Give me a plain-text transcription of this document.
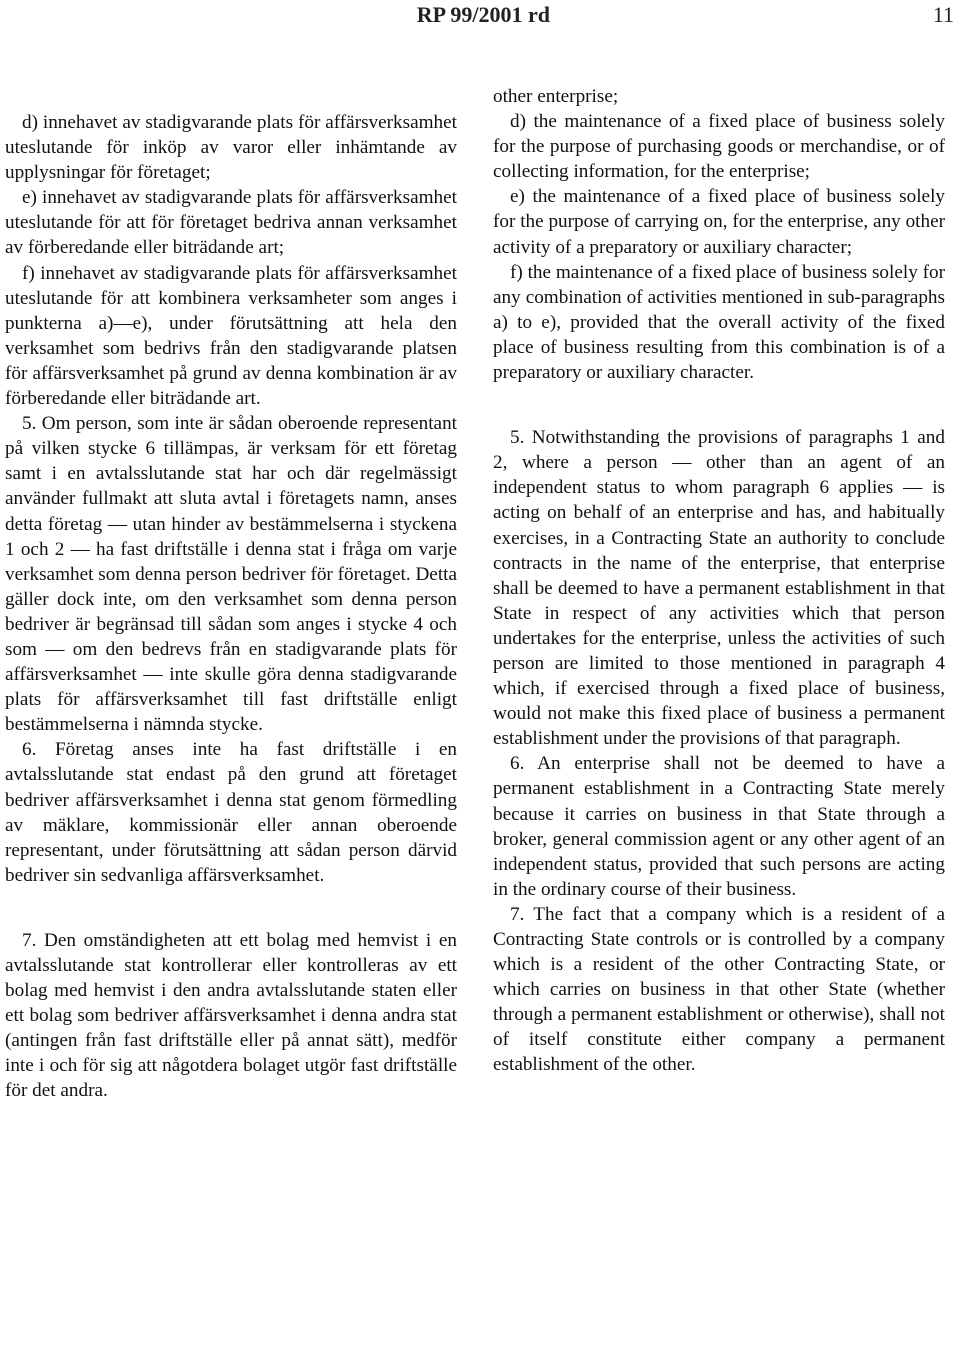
RP 99/2001 rd	11

d) innehavet av stadigvarande plats för affärsverksamhet uteslutande för inköp av varor eller inhämtande av upplysningar för företaget;

e) innehavet av stadigvarande plats för affärsverksamhet uteslutande för att för företaget bedriva annan verksamhet av förberedande eller biträdande art;

f) innehavet av stadigvarande plats för affärsverksamhet uteslutande för att kombinera verksamheter som anges i punkterna a)—e), under förutsättning att hela den verksamhet som bedrivs från den stadigvarande platsen för affärsverksamhet på grund av denna kombination är av förberedande eller biträdande art.

5. Om person, som inte är sådan oberoende representant på vilken stycke 6 tillämpas, är verksam för ett företag samt i en avtalsslutande stat har och där regelmässigt använder fullmakt att sluta avtal i företagets namn, anses detta företag — utan hinder av bestämmelserna i styckena 1 och 2 — ha fast driftställe i denna stat i fråga om varje verksamhet som denna person bedriver för företaget. Detta gäller dock inte, om den verksamhet som denna person bedriver är begränsad till sådan som anges i stycke 4 och som — om den bedrevs från en stadigvarande plats för affärsverksamhet — inte skulle göra denna stadigvarande plats för affärsverksamhet till fast driftställe enligt bestämmelserna i nämnda stycke.

6. Företag anses inte ha fast driftställe i en avtalsslutande stat endast på den grund att företaget bedriver affärsverksamhet i denna stat genom förmedling av mäklare, kommissionär eller annan oberoende representant, under förutsättning att sådan person därvid bedriver sin sedvanliga affärsverksamhet.

7. Den omständigheten att ett bolag med hemvist i en avtalsslutande stat kontrollerar eller kontrolleras av ett bolag med hemvist i den andra avtalsslutande staten eller ett bolag som bedriver affärsverksamhet i denna andra stat (antingen från fast driftställe eller på annat sätt), medför inte i och för sig att någotdera bolaget utgör fast driftställe för det andra.

other enterprise;

d) the maintenance of a fixed place of business solely for the purpose of purchasing goods or merchandise, or of collecting information, for the enterprise;

e) the maintenance of a fixed place of business solely for the purpose of carrying on, for the enterprise, any other activity of a preparatory or auxiliary character;

f) the maintenance of a fixed place of business solely for any combination of activities mentioned in sub-paragraphs a) to e), provided that the overall activity of the fixed place of business resulting from this combination is of a preparatory or auxiliary character.

5. Notwithstanding the provisions of paragraphs 1 and 2, where a person — other than an agent of an independent status to whom paragraph 6 applies — is acting on behalf of an enterprise and has, and habitually exercises, in a Contracting State an authority to conclude contracts in the name of the enterprise, that enterprise shall be deemed to have a permanent establishment in that State in respect of any activities which that person undertakes for the enterprise, unless the activities of such person are limited to those mentioned in paragraph 4 which, if exercised through a fixed place of business, would not make this fixed place of business a permanent establishment under the provisions of that paragraph.

6. An enterprise shall not be deemed to have a permanent establishment in a Contracting State merely because it carries on business in that State through a broker, general commission agent or any other agent of an independent status, provided that such persons are acting in the ordinary course of their business.

7. The fact that a company which is a resident of a Contracting State controls or is controlled by a company which is a resident of the other Contracting State, or which carries on business in that other State (whether through a permanent establishment or otherwise), shall not of itself constitute either company a permanent establishment of the other.
